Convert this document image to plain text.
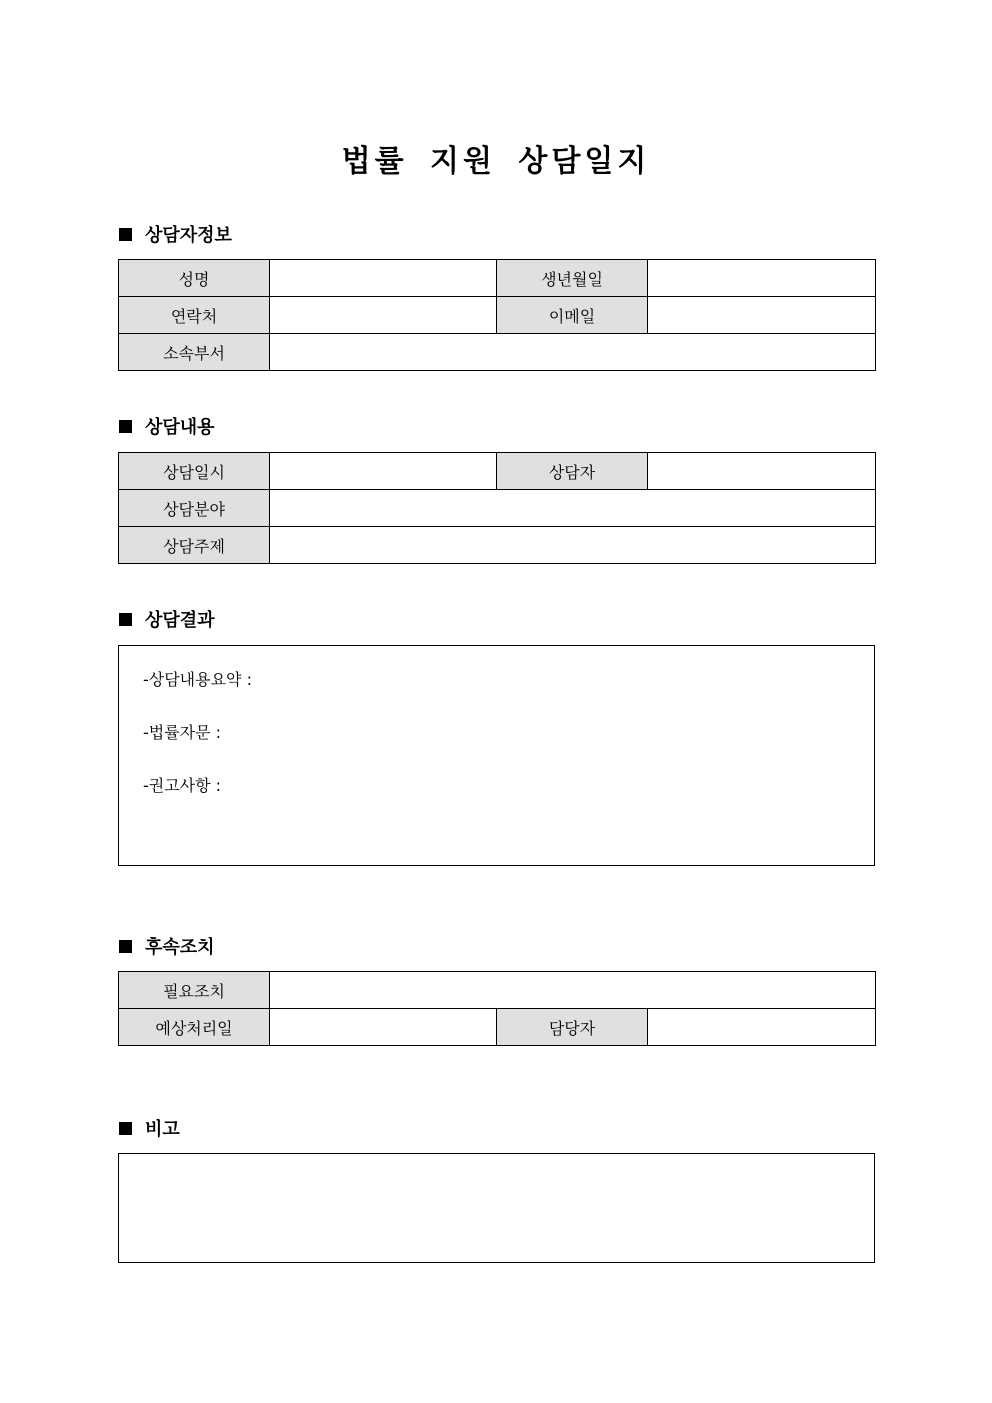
법률 지원 상담일지
상담자정보
성명		생년월일	
연락처		이메일	
소속부서			
상담내용
상담일시		상담자	
상담분야			
상담주제			
상담결과
-상담내용요약 :
-법률자문 :
-권고사항 :
후속조치
필요조치			
예상처리일		담당자	
비고
